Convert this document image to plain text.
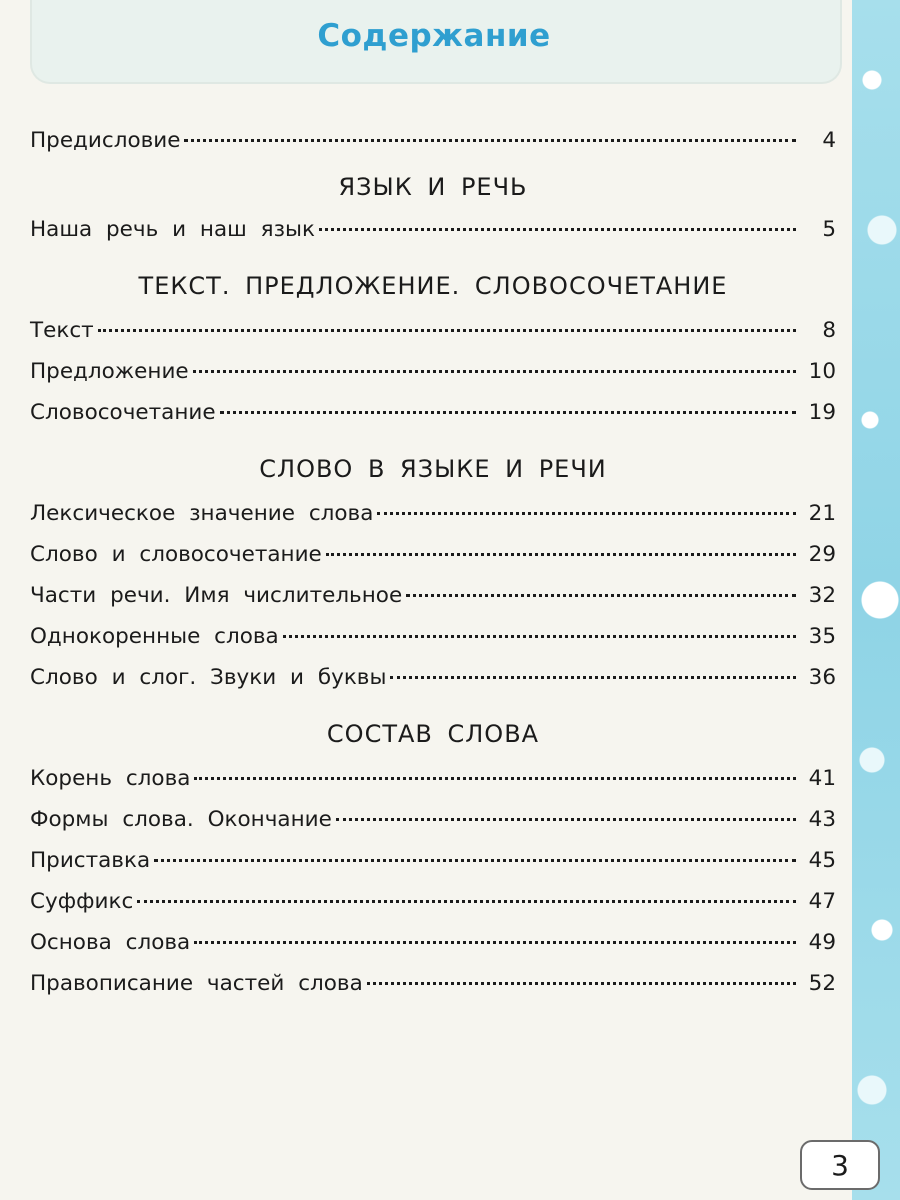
Содержание
Предисловие	4
ЯЗЫК И РЕЧЬ
Наша речь и наш язык	5
ТЕКСТ. ПРЕДЛОЖЕНИЕ. СЛОВОСОЧЕТАНИЕ
Текст	8
Предложение	10
Словосочетание	19
СЛОВО В ЯЗЫКЕ И РЕЧИ
Лексическое значение слова	21
Слово и словосочетание	29
Части речи. Имя числительное	32
Однокоренные слова	35
Слово и слог. Звуки и буквы	36
СОСТАВ СЛОВА
Корень слова	41
Формы слова. Окончание	43
Приставка	45
Суффикс	47
Основа слова	49
Правописание частей слова	52
3
